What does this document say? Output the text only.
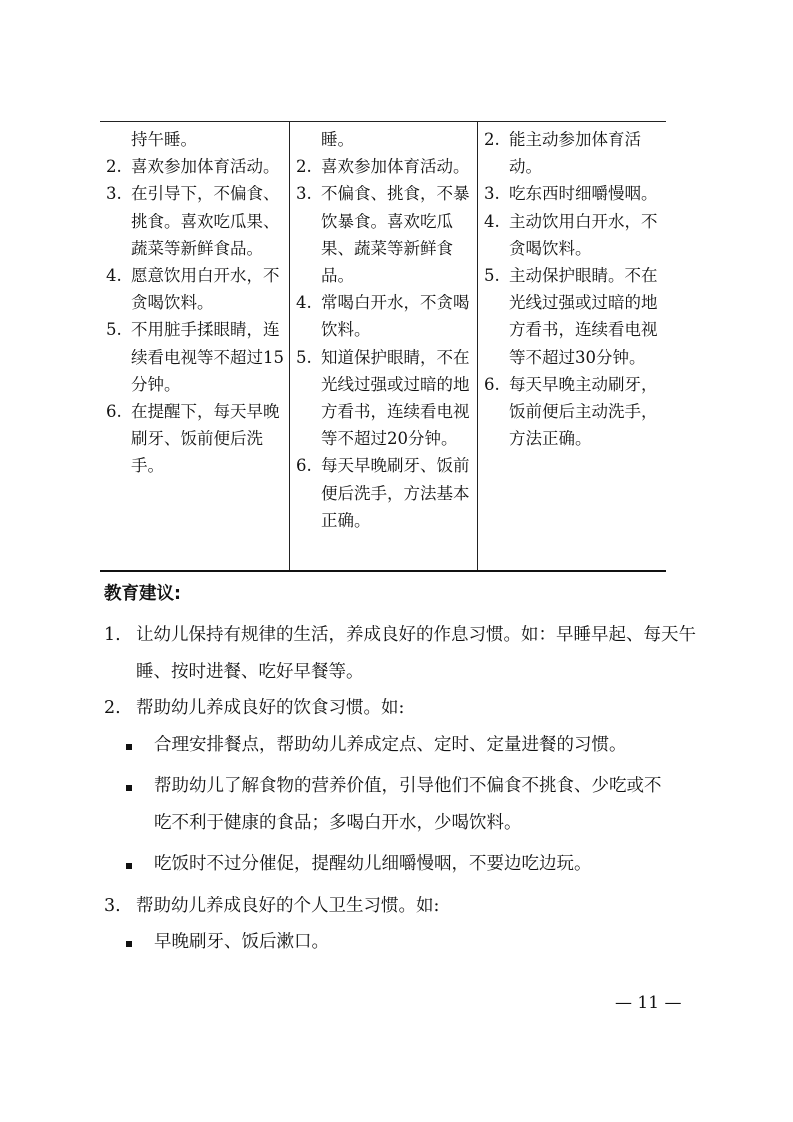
持午睡。
2. 喜欢参加体育活动。
3. 在引导下，不偏食、挑食。喜欢吃瓜果、蔬菜等新鲜食品。
4. 愿意饮用白开水，不贪喝饮料。
5. 不用脏手揉眼睛，连续看电视等不超过15分钟。
6. 在提醒下，每天早晚刷牙、饭前便后洗手。
睡。
2. 喜欢参加体育活动。
3. 不偏食、挑食，不暴饮暴食。喜欢吃瓜果、蔬菜等新鲜食品。
4. 常喝白开水，不贪喝饮料。
5. 知道保护眼睛，不在光线过强或过暗的地方看书，连续看电视等不超过20分钟。
6. 每天早晚刷牙、饭前便后洗手，方法基本正确。
2. 能主动参加体育活动。
3. 吃东西时细嚼慢咽。
4. 主动饮用白开水，不贪喝饮料。
5. 主动保护眼睛。不在光线过强或过暗的地方看书，连续看电视等不超过30分钟。
6. 每天早晚主动刷牙，饭前便后主动洗手，方法正确。
教育建议:
1. 让幼儿保持有规律的生活，养成良好的作息习惯。如：早睡早起、每天午睡、按时进餐、吃好早餐等。
2. 帮助幼儿养成良好的饮食习惯。如:
合理安排餐点，帮助幼儿养成定点、定时、定量进餐的习惯。
帮助幼儿了解食物的营养价值，引导他们不偏食不挑食、少吃或不吃不利于健康的食品；多喝白开水，少喝饮料。
吃饭时不过分催促，提醒幼儿细嚼慢咽，不要边吃边玩。
3. 帮助幼儿养成良好的个人卫生习惯。如:
早晚刷牙、饭后漱口。
— 11 —
